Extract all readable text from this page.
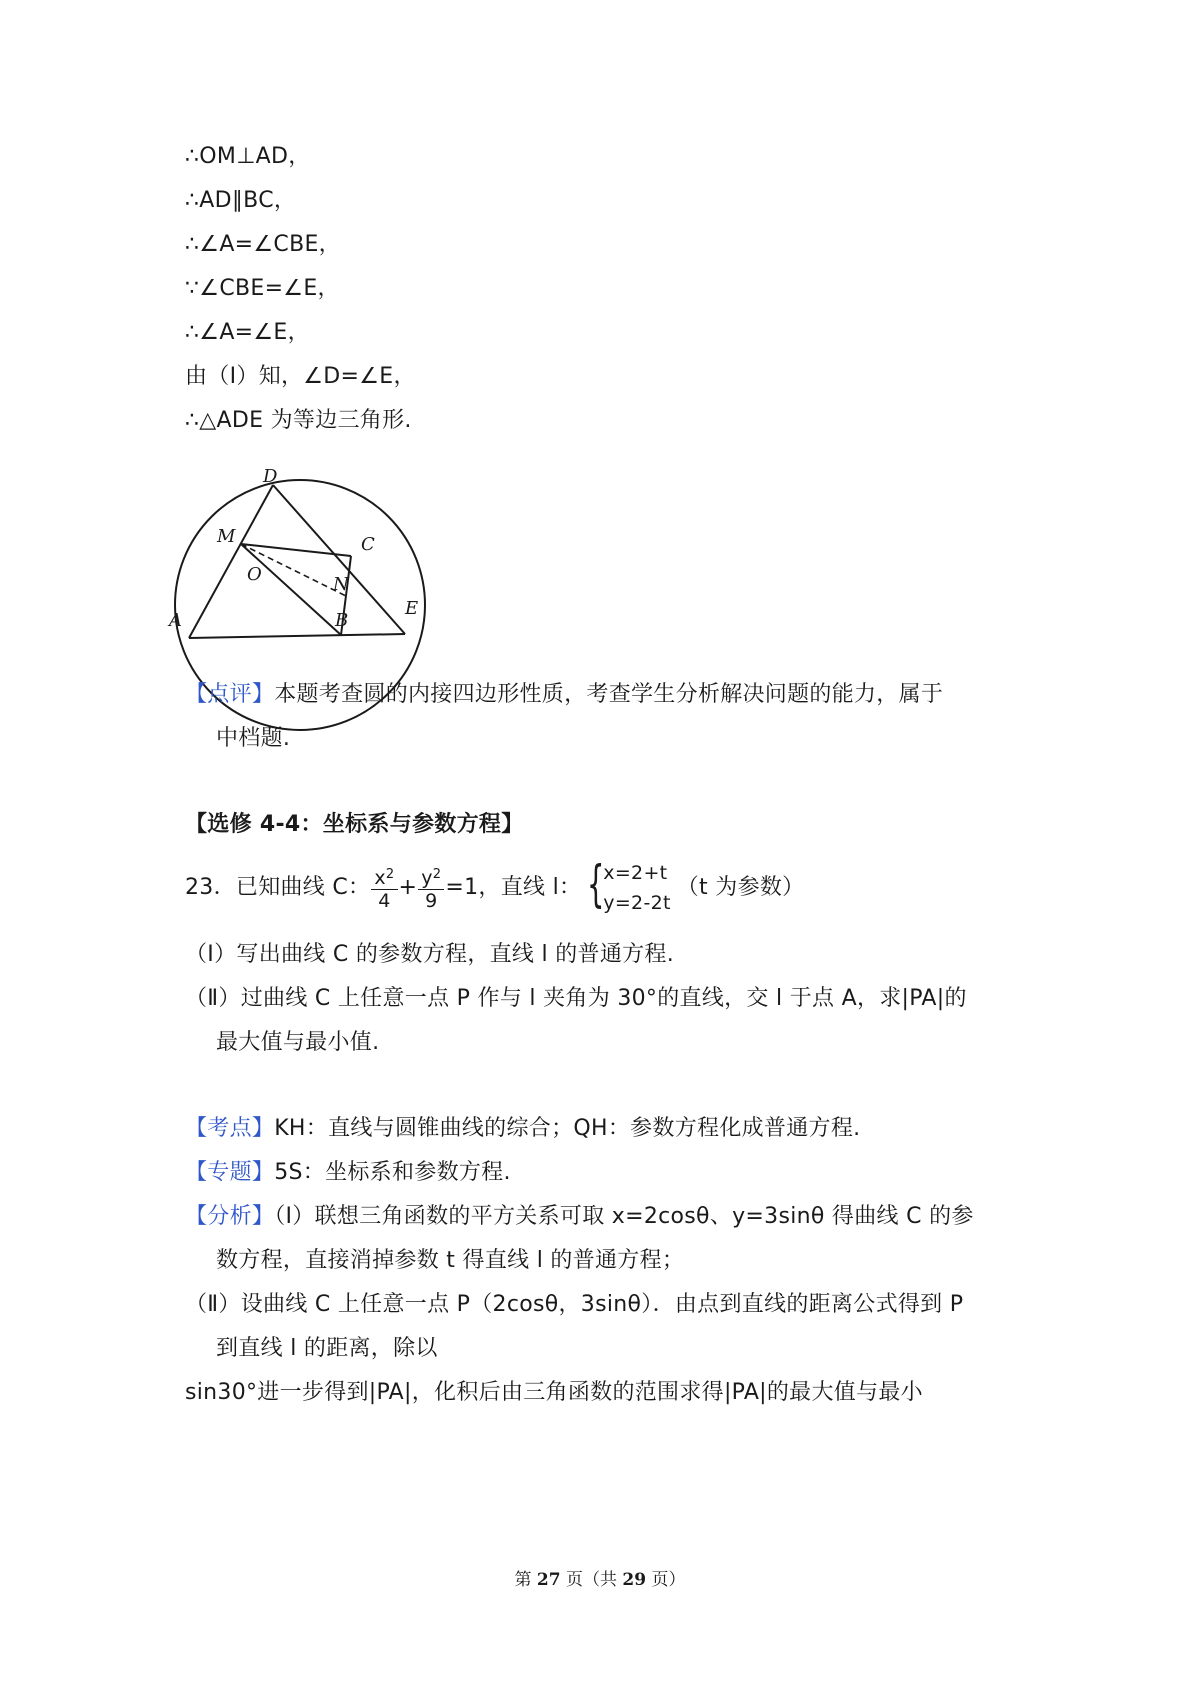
∴OM⊥AD，
∴AD∥BC，
∴∠A=∠CBE，
∵∠CBE=∠E，
∴∠A=∠E，
由（Ⅰ）知，∠D=∠E，
∴△ADE 为等边三角形.
D
M	C
O	N
A	B
E
【点评】本题考查圆的内接四边形性质，考查学生分析解决问题的能力，属于
中档题.
【选修 4-4：坐标系与参数方程】
23．已知曲线 C： $\frac{x^2}{4} + \frac{y^2}{9} =1$，直线 l： {
x=2+t
y=2-2t
（t 为参数）
（Ⅰ）写出曲线 C 的参数方程，直线 l 的普通方程.
（Ⅱ）过曲线 C 上任意一点 P 作与 l 夹角为 30°的直线，交 l 于点 A，求|PA|的
最大值与最小值.
【考点】KH：直线与圆锥曲线的综合；QH：参数方程化成普通方程.
【专题】5S：坐标系和参数方程.
【分析】（Ⅰ）联想三角函数的平方关系可取 x=2cosθ、y=3sinθ 得曲线 C 的参
数方程，直接消掉参数 t 得直线 l 的普通方程；
（Ⅱ）设曲线 C 上任意一点 P（2cosθ，3sinθ）．由点到直线的距离公式得到 P
到直线 l 的距离，除以
sin30°进一步得到|PA|，化积后由三角函数的范围求得|PA|的最大值与最小
第 27 页（共 29 页）
